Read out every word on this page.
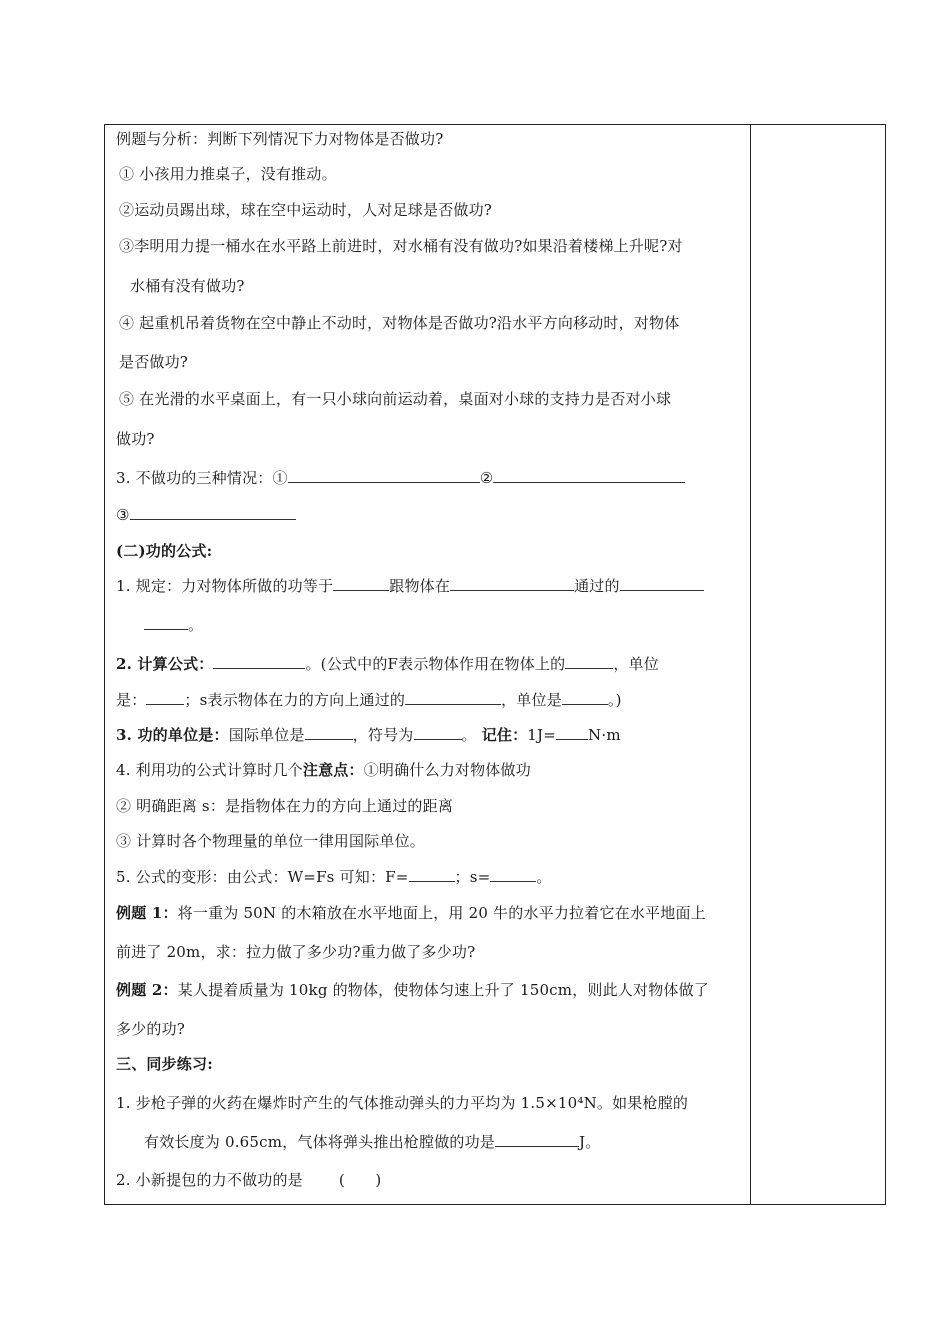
例题与分析：判断下列情况下力对物体是否做功?
① 小孩用力推桌子，没有推动。
②运动员踢出球，球在空中运动时，人对足球是否做功?
③李明用力提一桶水在水平路上前进时，对水桶有没有做功?如果沿着楼梯上升呢?对
水桶有没有做功?
④ 起重机吊着货物在空中静止不动时，对物体是否做功?沿水平方向移动时，对物体
是否做功?
⑤ 在光滑的水平桌面上，有一只小球向前运动着，桌面对小球的支持力是否对小球
做功?
3. 不做功的三种情况：①	②
③
(二)功的公式:
1. 规定：力对物体所做的功等于	跟物体在	通过的
。
2. 计算公式：	。(公式中的F表示物体作用在物体上的	，单位
是：	；s表示物体在力的方向上通过的	，单位是	。)
3. 功的单位是：国际单位是	，符号为	。 记住：1J= N·m
4. 利用功的公式计算时几个注意点：①明确什么力对物体做功
② 明确距离 s：是指物体在力的方向上通过的距离
③ 计算时各个物理量的单位一律用国际单位。
5. 公式的变形：由公式：W=Fs 可知：F=	；s=	。
例题 1：将一重为 50N 的木箱放在水平地面上，用 20 牛的水平力拉着它在水平地面上
前进了 20m，求：拉力做了多少功?重力做了多少功?
例题 2：某人提着质量为 10kg 的物体，使物体匀速上升了 150cm，则此人对物体做了
多少的功?
三、同步练习:
1. 步枪子弹的火药在爆炸时产生的气体推动弹头的力平均为 1.5×10⁴N。如果枪膛的
有效长度为 0.65cm，气体将弹头推出枪膛做的功是	J。
2. 小新提包的力不做功的是 (　　)
